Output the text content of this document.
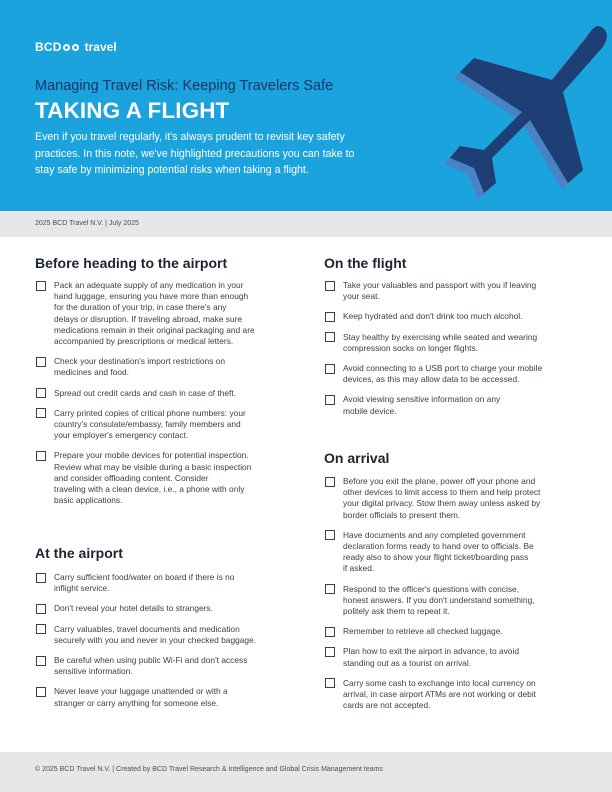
BCD travel
Managing Travel Risk: Keeping Travelers Safe
TAKING A FLIGHT
Even if you travel regularly, it's always prudent to revisit key safety practices. In this note, we've highlighted precautions you can take to stay safe by minimizing potential risks when taking a flight.
2025 BCD Travel N.V. | July 2025
Before heading to the airport
Pack an adequate supply of any medication in your
hand luggage, ensuring you have more than enough
for the duration of your trip, in case there's any
delays or disruption. If traveling abroad, make sure
medications remain in their original packaging and are
accompanied by prescriptions or medical letters.
Check your destination's import restrictions on
medicines and food.
Spread out credit cards and cash in case of theft.
Carry printed copies of critical phone numbers: your
country's consulate/embassy, family members and
your employer's emergency contact.
Prepare your mobile devices for potential inspection.
Review what may be visible during a basic inspection
and consider offloading content. Consider
traveling with a clean device, i.e., a phone with only
basic applications.
At the airport
Carry sufficient food/water on board if there is no
inflight service.
Don't reveal your hotel details to strangers.
Carry valuables, travel documents and medication
securely with you and never in your checked baggage.
Be careful when using public Wi-Fi and don't access
sensitive information.
Never leave your luggage unattended or with a
stranger or carry anything for someone else.
On the flight
Take your valuables and passport with you if leaving
your seat.
Keep hydrated and don't drink too much alcohol.
Stay healthy by exercising while seated and wearing
compression socks on longer flights.
Avoid connecting to a USB port to charge your mobile
devices, as this may allow data to be accessed.
Avoid viewing sensitive information on any
mobile device.
On arrival
Before you exit the plane, power off your phone and
other devices to limit access to them and help protect
your digital privacy. Stow them away unless asked by
border officials to present them.
Have documents and any completed government
declaration forms ready to hand over to officials. Be
ready also to show your flight ticket/boarding pass
if asked.
Respond to the officer's questions with concise,
honest answers. If you don't understand something,
politely ask them to repeat it.
Remember to retrieve all checked luggage.
Plan how to exit the airport in advance, to avoid
standing out as a tourist on arrival.
Carry some cash to exchange into local currency on
arrival, in case airport ATMs are not working or debit
cards are not accepted.
© 2025 BCD Travel N.V. | Created by BCD Travel Research & Intelligence and Global Crisis Management teams
